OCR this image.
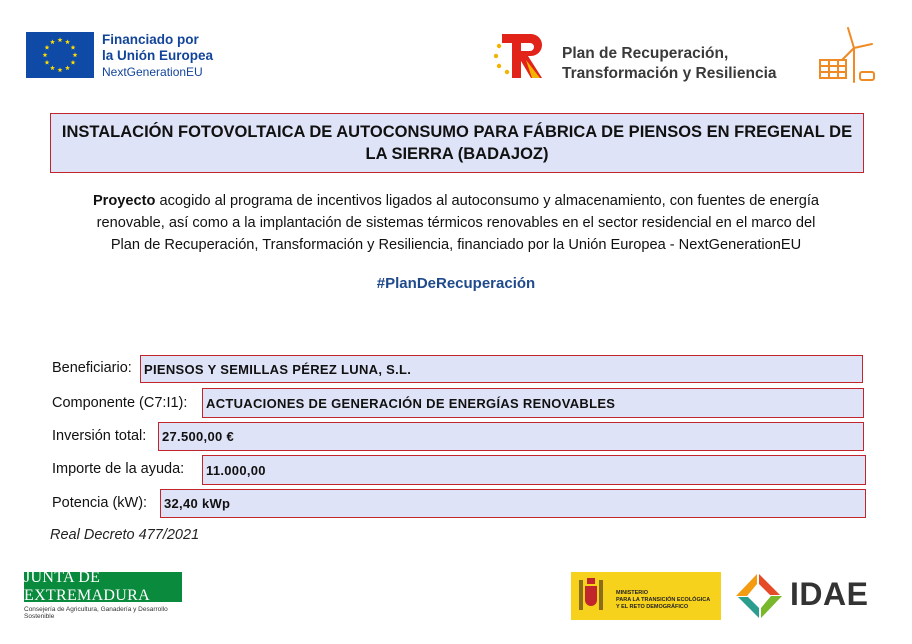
Financiado por
la Unión Europea
NextGenerationEU
Plan de Recuperación,
Transformación y Resiliencia
INSTALACIÓN FOTOVOLTAICA DE AUTOCONSUMO PARA FÁBRICA DE PIENSOS EN FREGENAL DE LA SIERRA (BADAJOZ)
Proyecto acogido al programa de incentivos ligados al autoconsumo y almacenamiento, con fuentes de energía
renovable, así como a la implantación de sistemas térmicos renovables en el sector residencial en el marco del
Plan de Recuperación, Transformación y Resiliencia, financiado por la Unión Europea - NextGenerationEU
#PlanDeRecuperación
Beneficiario: PIENSOS Y SEMILLAS PÉREZ LUNA, S.L.
Componente (C7:I1):	ACTUACIONES DE GENERACIÓN DE ENERGÍAS RENOVABLES
Inversión total:	27.500,00 €
Importe de la ayuda:	11.000,00
Potencia (kW):	32,40 kWp
Real Decreto 477/2021
JUNTA DE EXTREMADURA
Consejería de Agricultura, Ganadería y Desarrollo Sostenible
MINISTERIO
PARA LA TRANSICIÓN ECOLÓGICA
Y EL RETO DEMOGRÁFICO	IDAE
